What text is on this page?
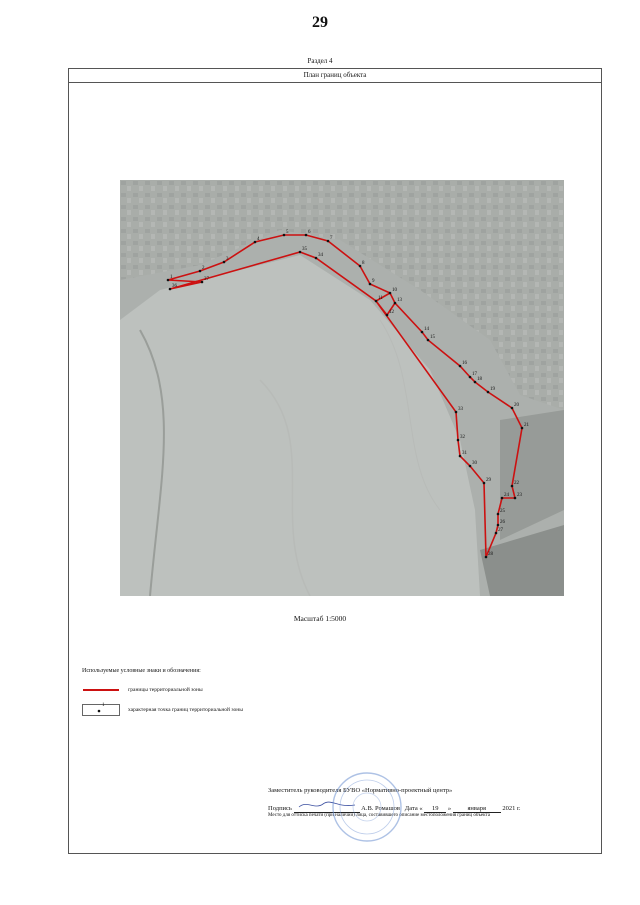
29
Раздел 4
План границ объекта
1
2
3
4
5	6
7
8
9
10
11
12
13
14
15
16
17
18
19
20
21
22
23
24
25
26
27
28
29
30
31
32
33
34
35
36
37
Масштаб 1:5000
Используемые условные знаки и обозначения:
границы территориальной зоны
1
характерная точка границ территориальной зоны
Заместитель руководителя БУВО «Нормативно-проектный центр»
Подпись	А.В. Ромашов Дата « 19 »	января	2021 г.
Место для оттиска печати (при наличии) лица, составившего описание местоположения границ объекта
